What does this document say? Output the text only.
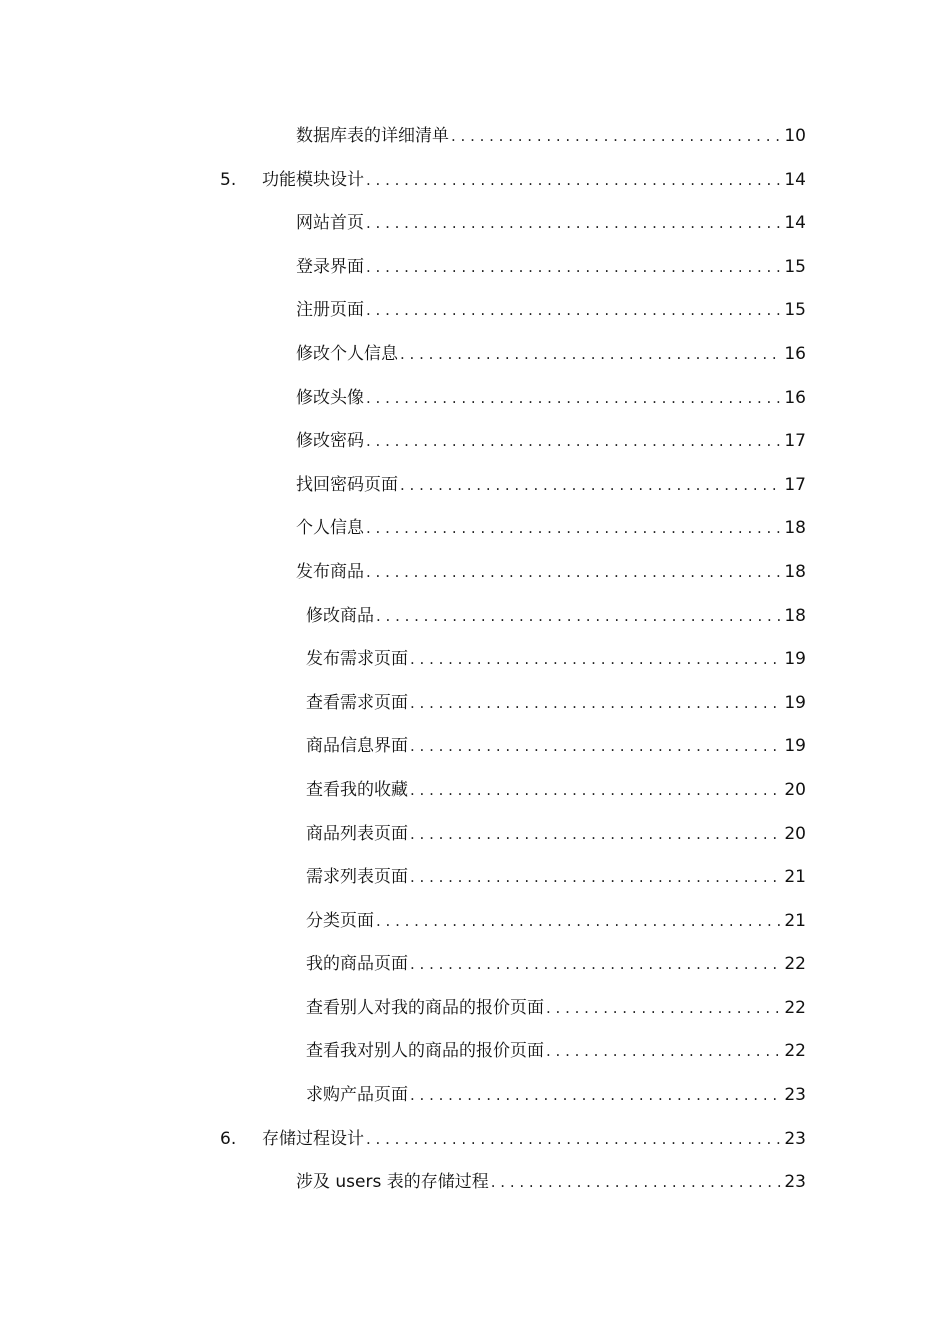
数据库表的详细清单 . . .	10
5. 功能模块设计 . . .	14
网站首页 . . .	14
登录界面 . . .	15
注册页面 . . .	15
修改个人信息 . . .	16
修改头像 . . .	16
修改密码 . . .	17
找回密码页面 . . .	17
个人信息 . . .	18
发布商品 . . .	18
修改商品 . . .	18
发布需求页面 . . .	19
查看需求页面 . . .	19
商品信息界面 . . .	19
查看我的收藏 . . .	20
商品列表页面 . . .	20
需求列表页面 . . .	21
分类页面 . . .	21
我的商品页面 . . .	22
查看别人对我的商品的报价页面 . . .	22
查看我对别人的商品的报价页面 . . .	22
求购产品页面 . . .	23
6. 存储过程设计 . . .	23
涉及 users 表的存储过程 . . .	23
